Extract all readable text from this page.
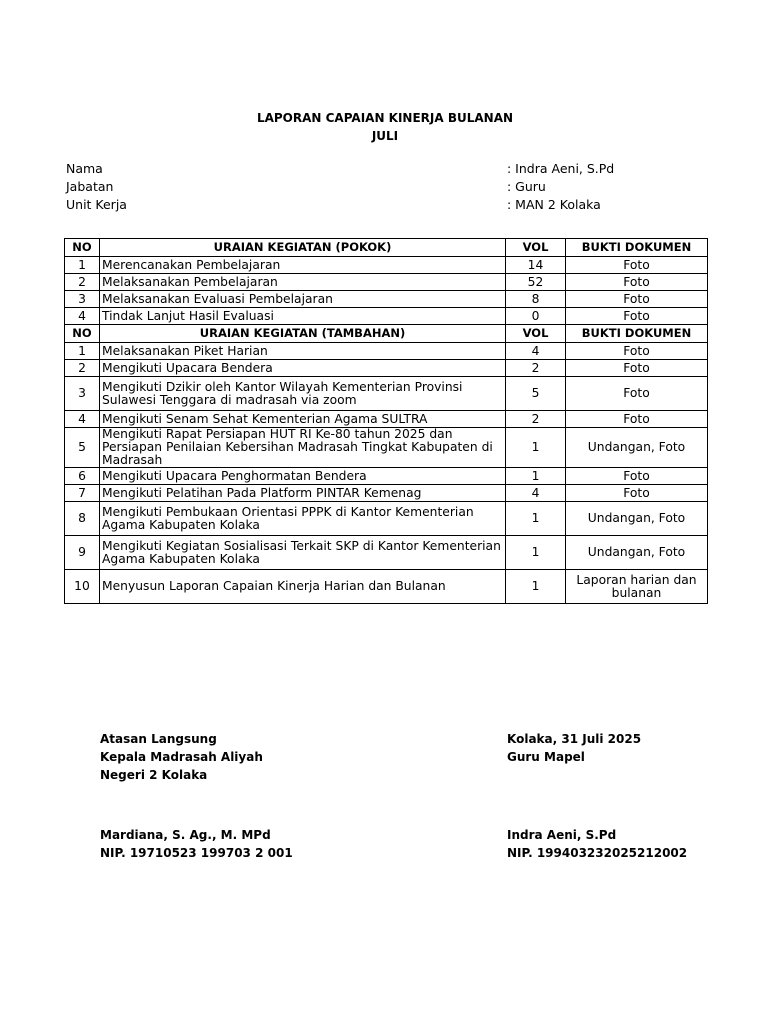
LAPORAN CAPAIAN KINERJA BULANAN
JULI
Nama	: Indra Aeni, S.Pd
Jabatan	: Guru
Unit Kerja	: MAN 2 Kolaka
NO	URAIAN KEGIATAN (POKOK)	VOL	BUKTI DOKUMEN
1	Merencanakan Pembelajaran	14	Foto
2	Melaksanakan Pembelajaran	52	Foto
3	Melaksanakan Evaluasi Pembelajaran	8	Foto
4	Tindak Lanjut Hasil Evaluasi	0	Foto
NO	URAIAN KEGIATAN (TAMBAHAN)	VOL	BUKTI DOKUMEN
1	Melaksanakan Piket Harian	4	Foto
2	Mengikuti Upacara Bendera	2	Foto
3	Mengikuti Dzikir oleh Kantor Wilayah Kementerian Provinsi Sulawesi Tenggara di madrasah via zoom	5	Foto
4	Mengikuti Senam Sehat Kementerian Agama SULTRA	2	Foto
5	Mengikuti Rapat Persiapan HUT RI Ke-80 tahun 2025 dan Persiapan Penilaian Kebersihan Madrasah Tingkat Kabupaten di Madrasah	1	Undangan, Foto
6	Mengikuti Upacara Penghormatan Bendera	1	Foto
7	Mengikuti Pelatihan Pada Platform PINTAR Kemenag	4	Foto
8	Mengikuti Pembukaan Orientasi PPPK di Kantor Kementerian Agama Kabupaten Kolaka	1	Undangan, Foto
9	Mengikuti Kegiatan Sosialisasi Terkait SKP di Kantor Kementerian Agama Kabupaten Kolaka	1	Undangan, Foto
10	Menyusun Laporan Capaian Kinerja Harian dan Bulanan	1	Laporan harian dan bulanan
Atasan Langsung
Kepala Madrasah Aliyah
Negeri 2 Kolaka
Kolaka, 31 Juli 2025
Guru Mapel
Mardiana, S. Ag., M. MPd
NIP. 19710523 199703 2 001
Indra Aeni, S.Pd
NIP. 199403232025212002
